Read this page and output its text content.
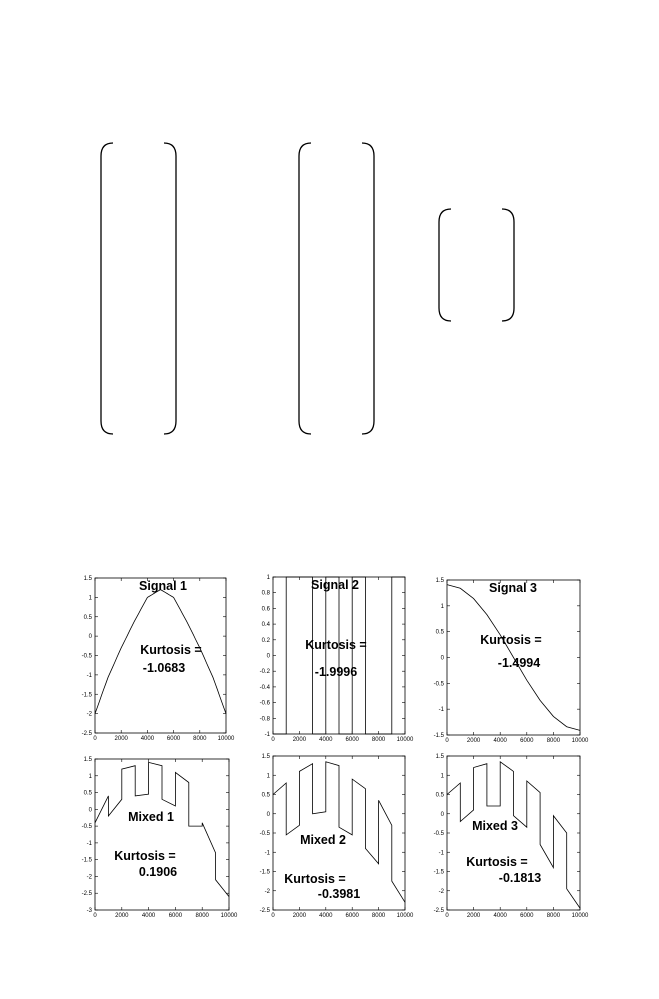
0	2000 4000 6000 8000 10000
-2.5
-2
-1.5
-1
-0.5
0
0.5
1
1.5	Signal 1
Kurtosis =
-1.0683
0	2000 4000 6000 8000 10000
-1
-0.8
-0.6
-0.4
-0.2
0
0.2
0.4
0.6
0.8
1	Signal 2
Kurtosis =
-1.9996
0	2000 4000 6000 8000 10000
-1.5
-1
-0.5
0
0.5
1
1.5	Signal 3
Kurtosis =
-1.4994
0	2000 4000 6000 8000 10000
-3
-2.5
-2
-1.5
-1
-0.5
0
0.5
1
1.5
Mixed 1
Kurtosis =
0.1906
0	2000 4000 6000 8000 10000
-2.5
-2
-1.5
-1
-0.5
0
0.5
1
1.5
Mixed 2
Kurtosis =
-0.3981
0	2000 4000 6000 8000 10000
-2.5
-2
-1.5
-1
-0.5
0
0.5
1
1.5
Mixed 3
Kurtosis =
-0.1813
